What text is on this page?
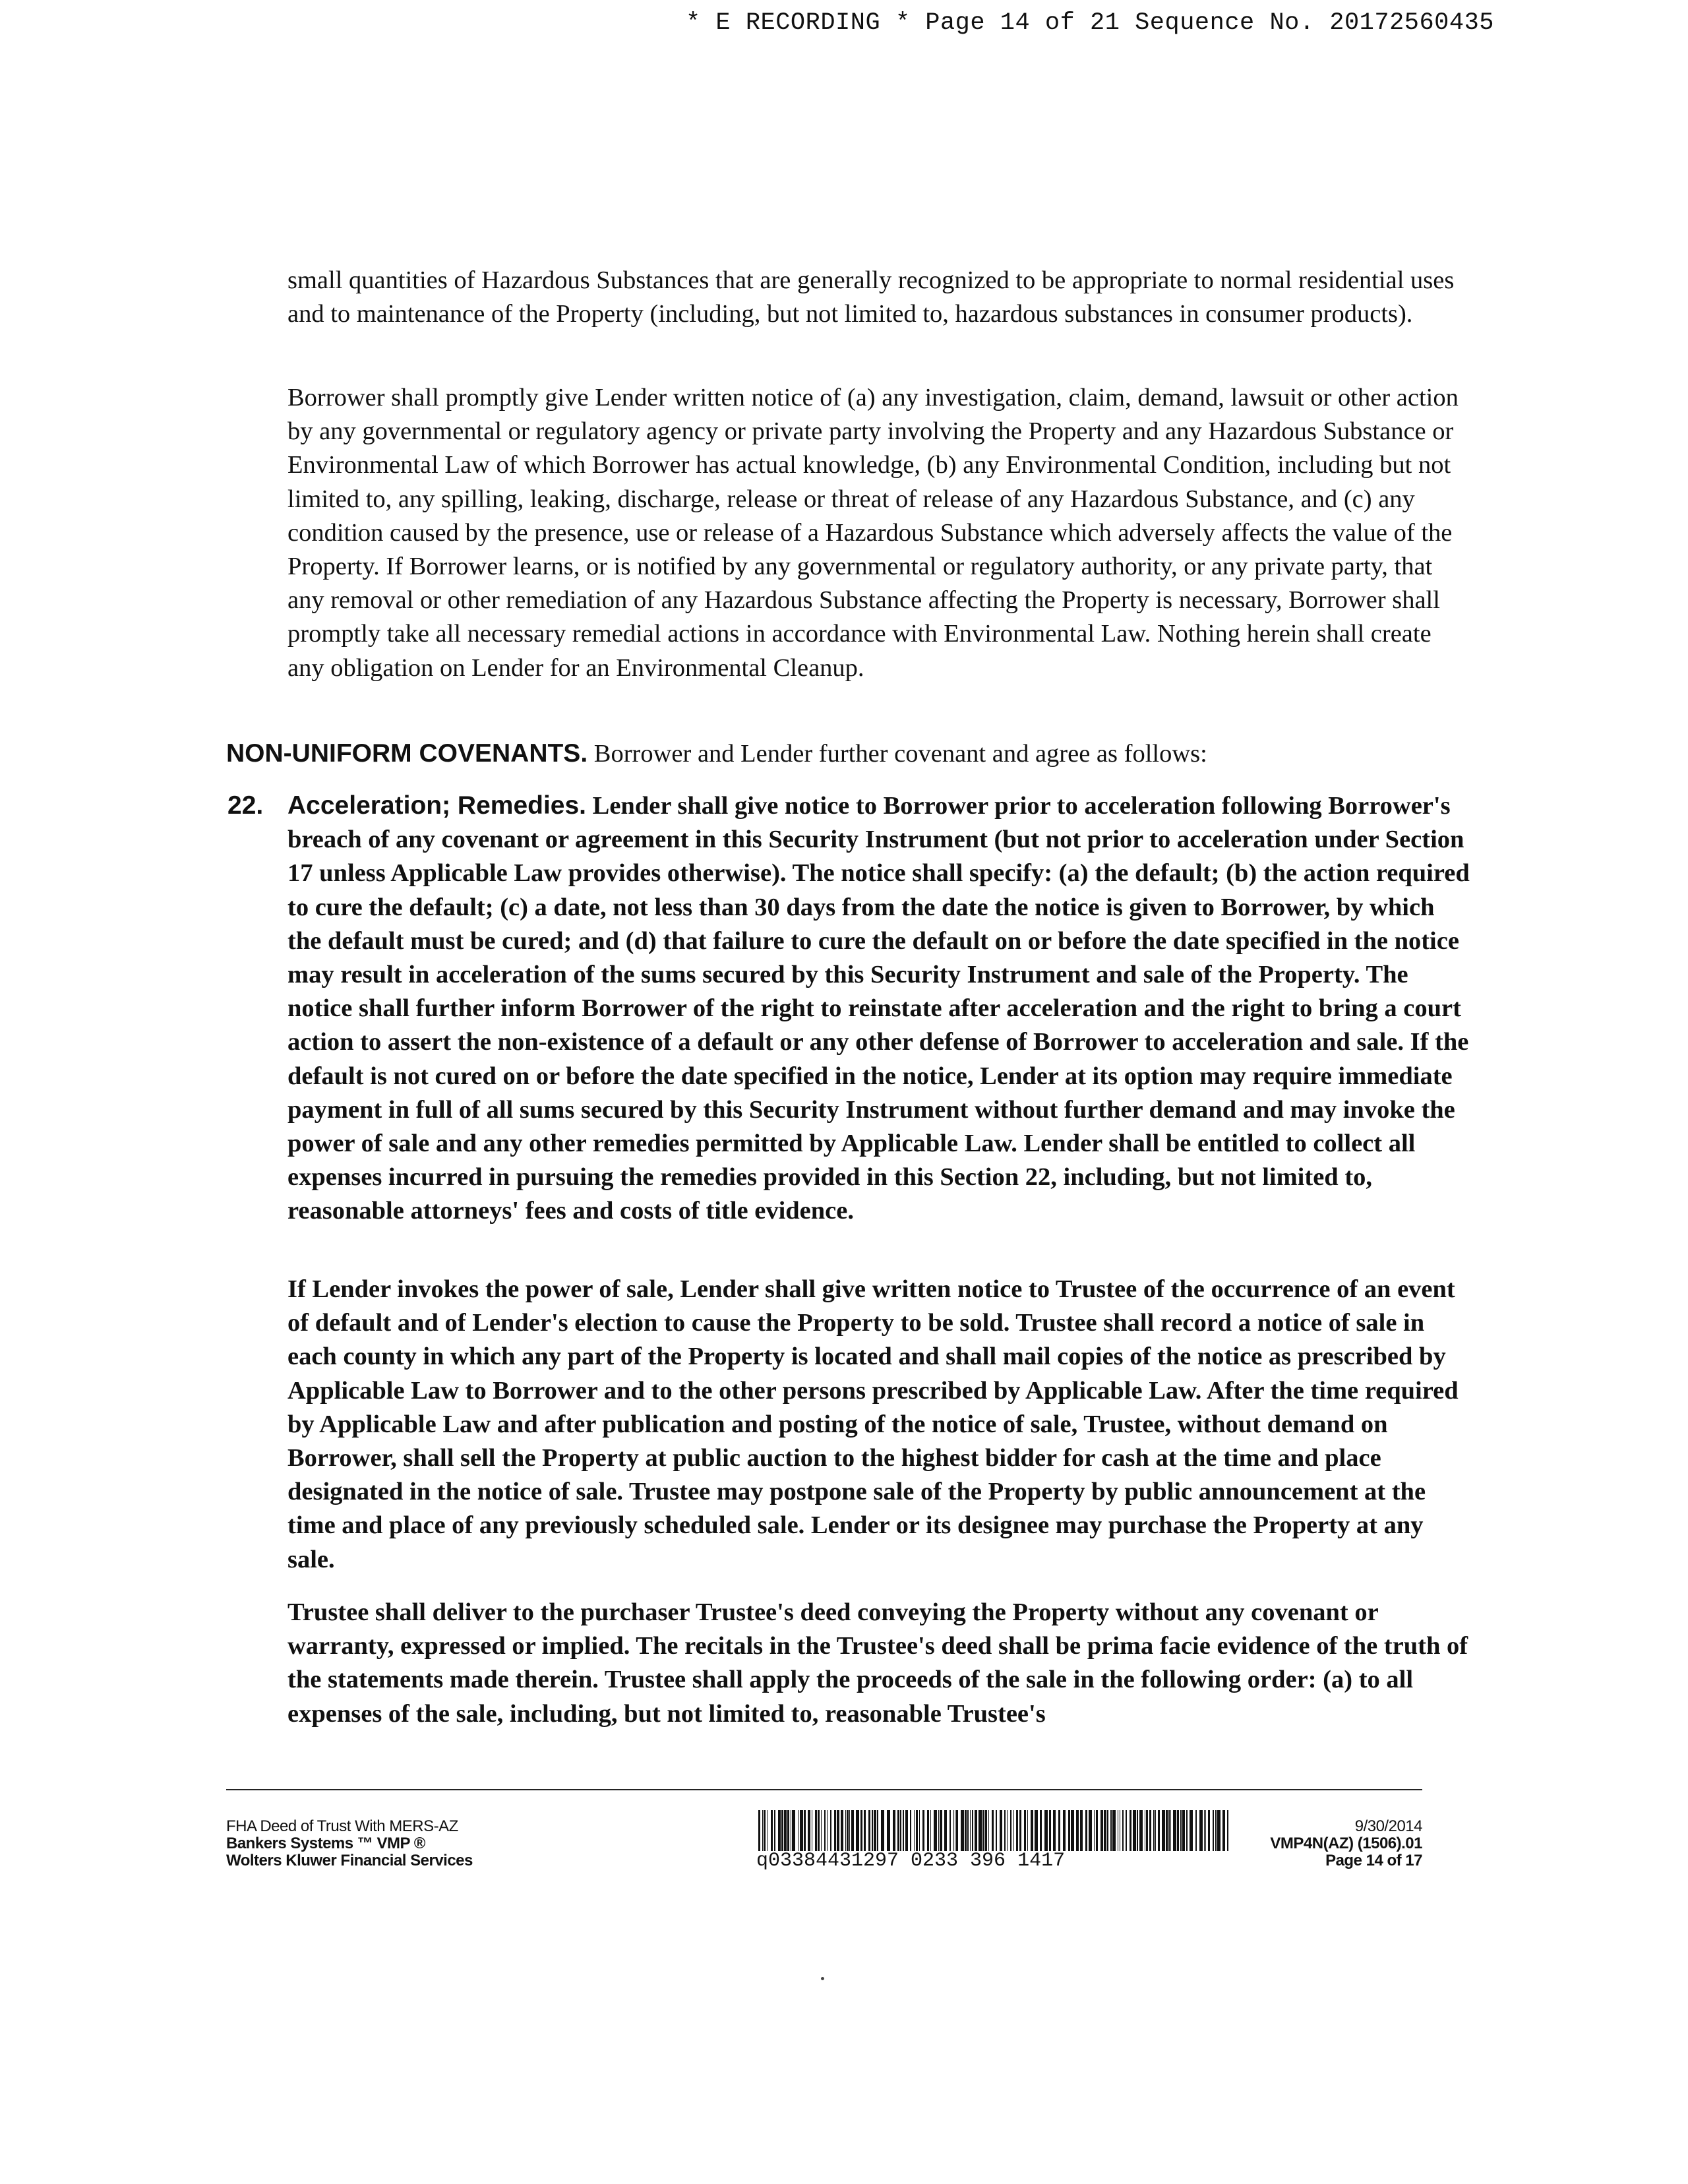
* E RECORDING * Page 14 of 21 Sequence No. 20172560435
small quantities of Hazardous Substances that are generally recognized to be appropriate to normal residential uses and to maintenance of the Property (including, but not limited to, hazardous substances in consumer products).
Borrower shall promptly give Lender written notice of (a) any investigation, claim, demand, lawsuit or other action by any governmental or regulatory agency or private party involving the Property and any Hazardous Substance or Environmental Law of which Borrower has actual knowledge, (b) any Environmental Condition, including but not limited to, any spilling, leaking, discharge, release or threat of release of any Hazardous Substance, and (c) any condition caused by the presence, use or release of a Hazardous Substance which adversely affects the value of the Property. If Borrower learns, or is notified by any governmental or regulatory authority, or any private party, that any removal or other remediation of any Hazardous Substance affecting the Property is necessary, Borrower shall promptly take all necessary remedial actions in accordance with Environmental Law. Nothing herein shall create any obligation on Lender for an Environmental Cleanup.
NON-UNIFORM COVENANTS. Borrower and Lender further covenant and agree as follows:
22. Acceleration; Remedies. Lender shall give notice to Borrower prior to acceleration following Borrower's breach of any covenant or agreement in this Security Instrument (but not prior to acceleration under Section 17 unless Applicable Law provides otherwise). The notice shall specify: (a) the default; (b) the action required to cure the default; (c) a date, not less than 30 days from the date the notice is given to Borrower, by which the default must be cured; and (d) that failure to cure the default on or before the date specified in the notice may result in acceleration of the sums secured by this Security Instrument and sale of the Property. The notice shall further inform Borrower of the right to reinstate after acceleration and the right to bring a court action to assert the non-existence of a default or any other defense of Borrower to acceleration and sale. If the default is not cured on or before the date specified in the notice, Lender at its option may require immediate payment in full of all sums secured by this Security Instrument without further demand and may invoke the power of sale and any other remedies permitted by Applicable Law. Lender shall be entitled to collect all expenses incurred in pursuing the remedies provided in this Section 22, including, but not limited to, reasonable attorneys' fees and costs of title evidence.
If Lender invokes the power of sale, Lender shall give written notice to Trustee of the occurrence of an event of default and of Lender's election to cause the Property to be sold. Trustee shall record a notice of sale in each county in which any part of the Property is located and shall mail copies of the notice as prescribed by Applicable Law to Borrower and to the other persons prescribed by Applicable Law. After the time required by Applicable Law and after publication and posting of the notice of sale, Trustee, without demand on Borrower, shall sell the Property at public auction to the highest bidder for cash at the time and place designated in the notice of sale. Trustee may postpone sale of the Property by public announcement at the time and place of any previously scheduled sale. Lender or its designee may purchase the Property at any sale.
Trustee shall deliver to the purchaser Trustee's deed conveying the Property without any covenant or warranty, expressed or implied. The recitals in the Trustee's deed shall be prima facie evidence of the truth of the statements made therein. Trustee shall apply the proceeds of the sale in the following order: (a) to all expenses of the sale, including, but not limited to, reasonable Trustee's
FHA Deed of Trust With MERS-AZ
Bankers Systems ™ VMP ®
Wolters Kluwer Financial Services	q03384431297 0233 396 1417
9/30/2014
VMP4N(AZ) (1506).01
Page 14 of 17
